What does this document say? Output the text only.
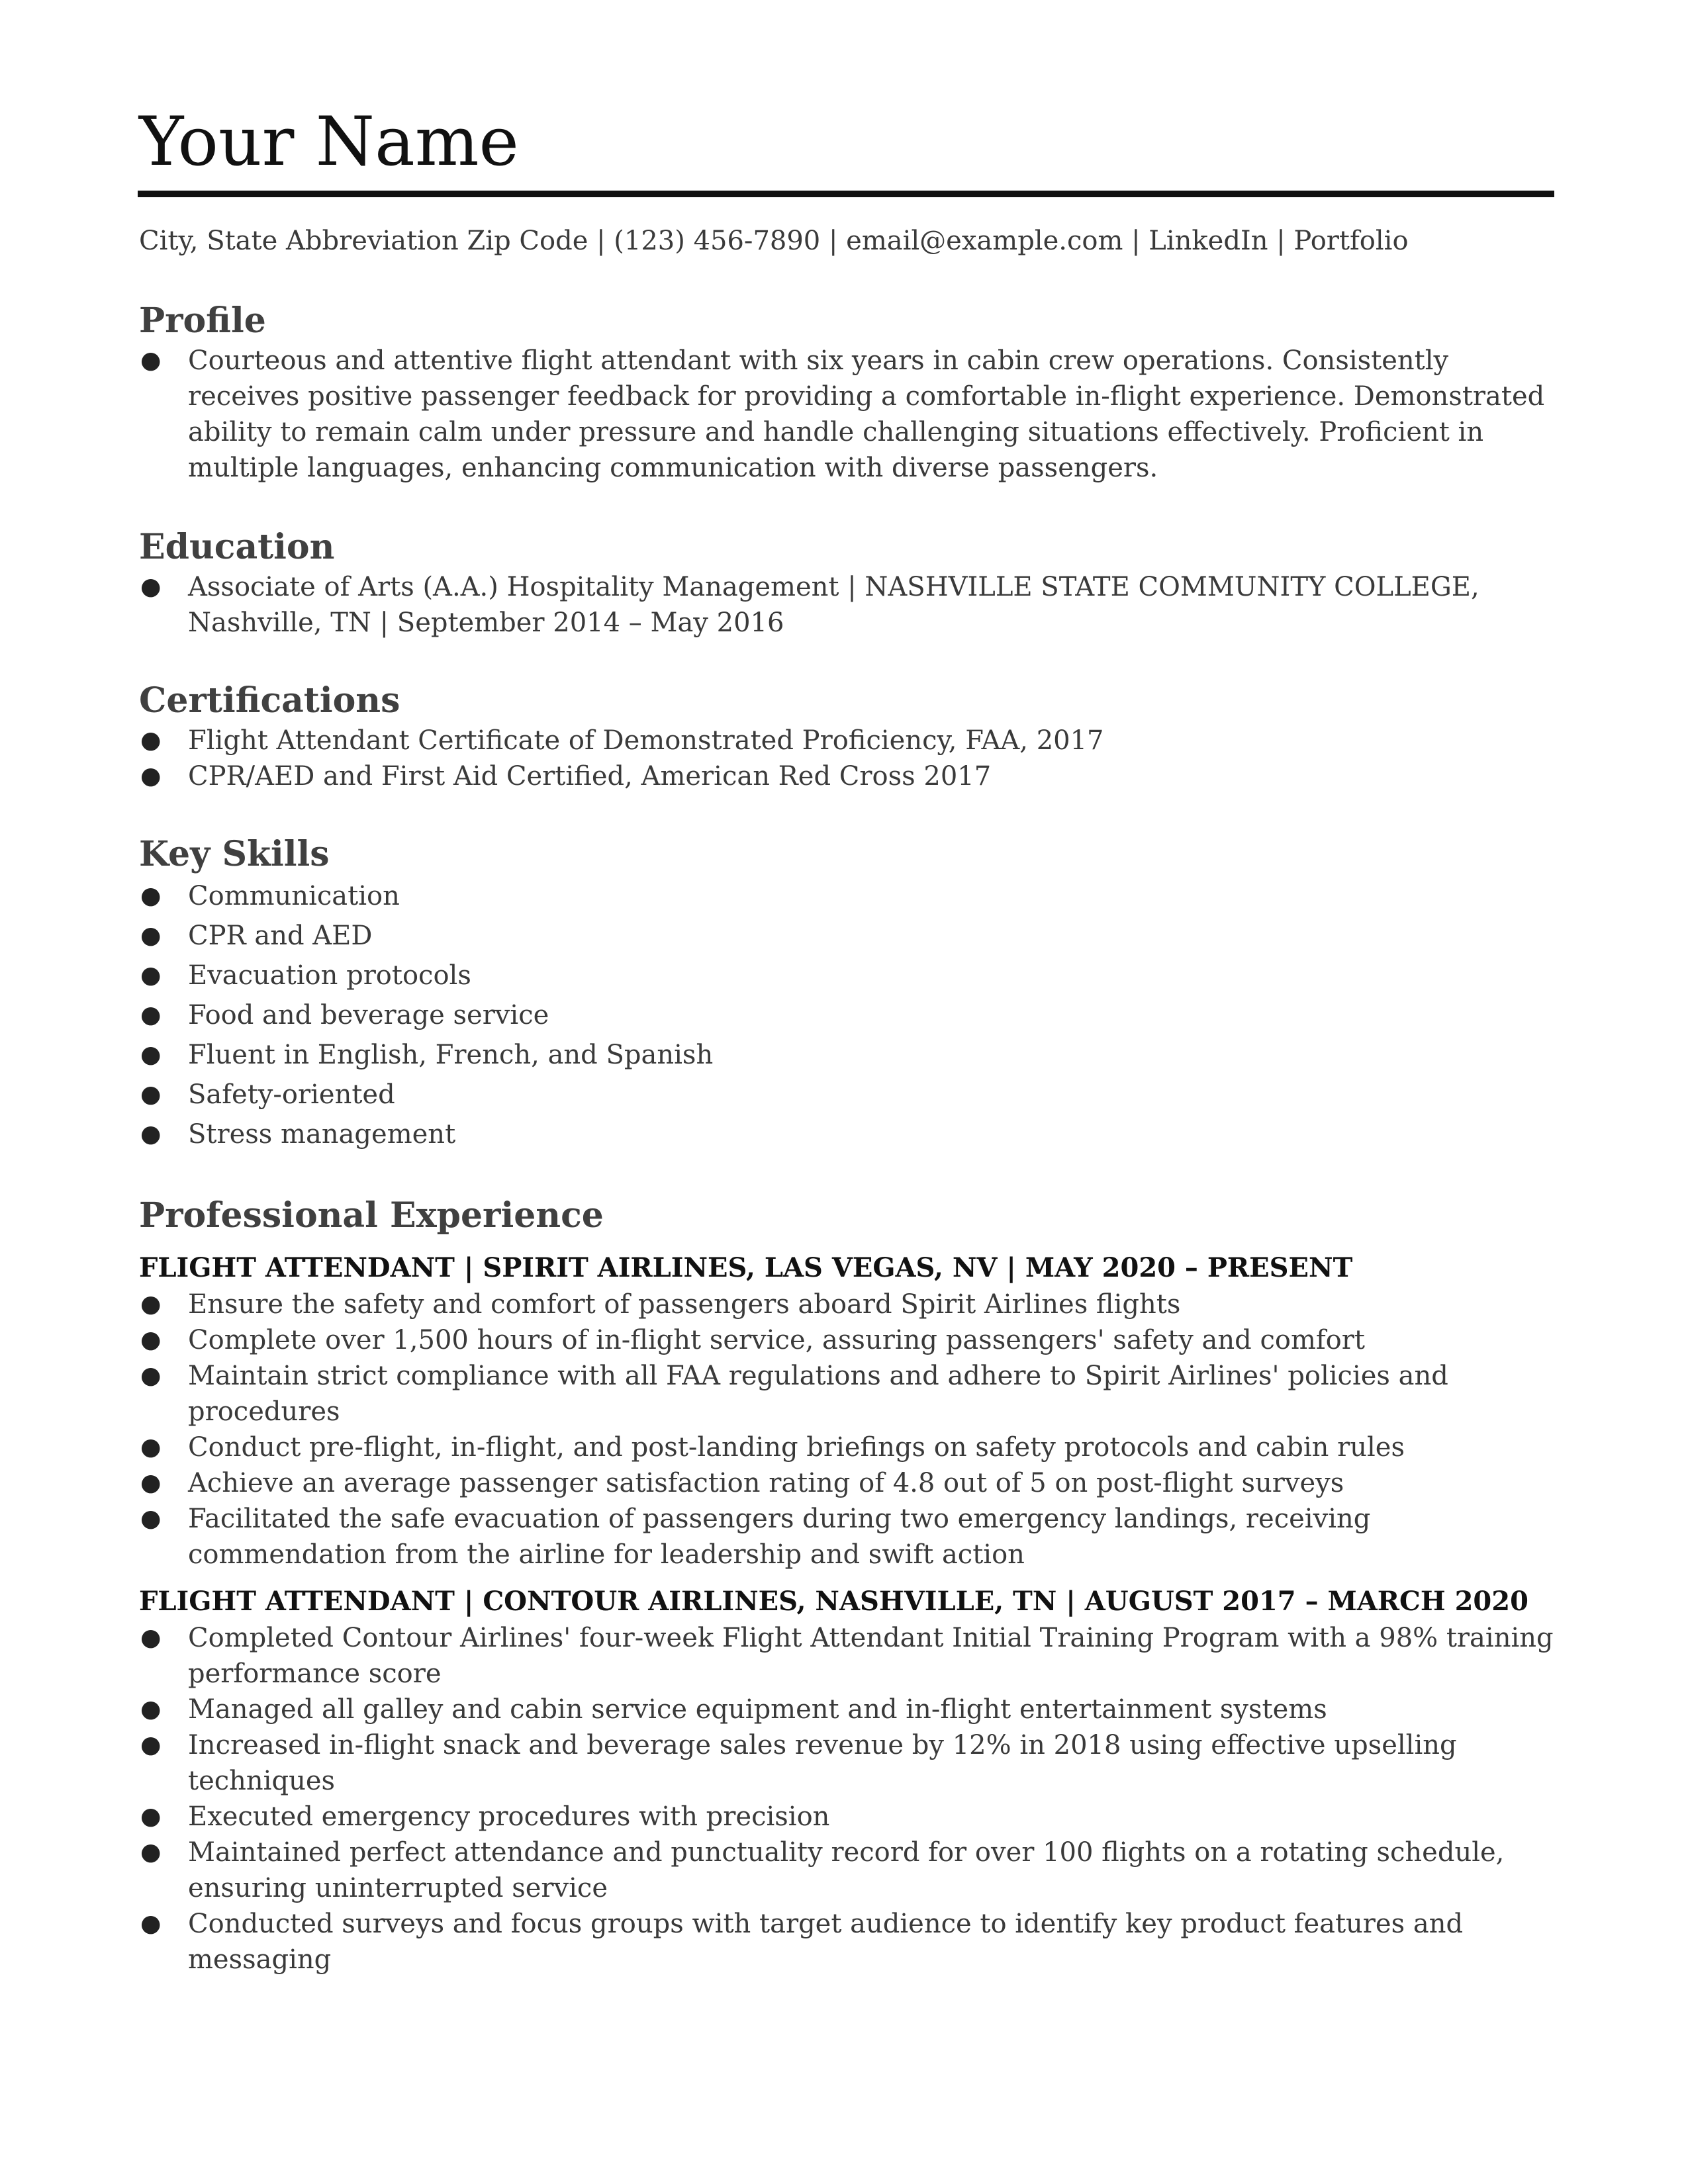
Your Name
City, State Abbreviation Zip Code | (123) 456-7890 | email@example.com | LinkedIn | Portfolio
Profile
● Courteous and attentive flight attendant with six years in cabin crew operations. Consistently receives positive passenger feedback for providing a comfortable in-flight experience. Demonstrated ability to remain calm under pressure and handle challenging situations effectively. Proficient in multiple languages, enhancing communication with diverse passengers.
Education
● Associate of Arts (A.A.) Hospitality Management | NASHVILLE STATE COMMUNITY COLLEGE, Nashville, TN | September 2014 – May 2016
Certifications
● Flight Attendant Certificate of Demonstrated Proficiency, FAA, 2017
● CPR/AED and First Aid Certified, American Red Cross 2017
Key Skills
● Communication
● CPR and AED
● Evacuation protocols
● Food and beverage service
● Fluent in English, French, and Spanish
● Safety-oriented
● Stress management
Professional Experience
FLIGHT ATTENDANT | SPIRIT AIRLINES, LAS VEGAS, NV | MAY 2020 – PRESENT
● Ensure the safety and comfort of passengers aboard Spirit Airlines flights
● Complete over 1,500 hours of in-flight service, assuring passengers' safety and comfort
● Maintain strict compliance with all FAA regulations and adhere to Spirit Airlines' policies and procedures
● Conduct pre-flight, in-flight, and post-landing briefings on safety protocols and cabin rules
● Achieve an average passenger satisfaction rating of 4.8 out of 5 on post-flight surveys
● Facilitated the safe evacuation of passengers during two emergency landings, receiving commendation from the airline for leadership and swift action
FLIGHT ATTENDANT | CONTOUR AIRLINES, NASHVILLE, TN | AUGUST 2017 – MARCH 2020
● Completed Contour Airlines' four-week Flight Attendant Initial Training Program with a 98% training performance score
● Managed all galley and cabin service equipment and in-flight entertainment systems
● Increased in-flight snack and beverage sales revenue by 12% in 2018 using effective upselling techniques
● Executed emergency procedures with precision
● Maintained perfect attendance and punctuality record for over 100 flights on a rotating schedule, ensuring uninterrupted service
● Conducted surveys and focus groups with target audience to identify key product features and messaging
